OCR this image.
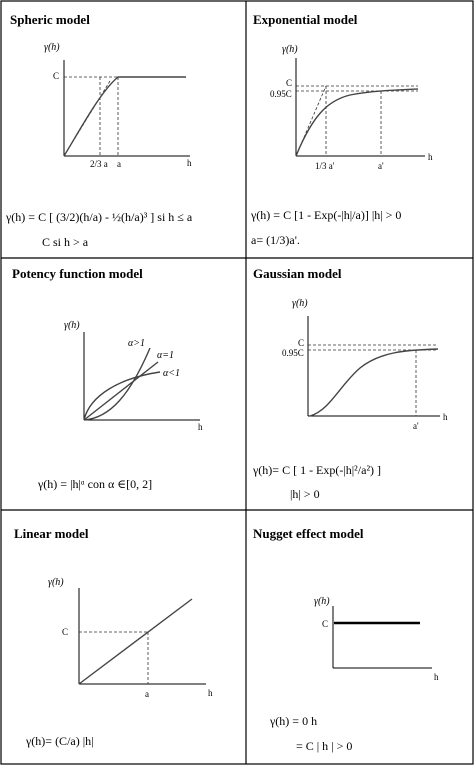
Spheric model
γ(h)
C
2/3 a a	h
γ(h) = C [ (3/2)(h/a) - ½(h/a)³ ] si h ≤ a
C si h > a
Exponential model
γ(h)
C
0.95C
1/3 a'	a'
h
γ(h) = C [1 - Exp(-|h|/a)] |h| > 0
a= (1/3)a'.
Potency function model
γ(h)
α>1
α=1
α<1
h
γ(h) = |h|ᵅ con α ∈[0, 2]
Gaussian model
γ(h)
C
0.95C
a'
h
γ(h)= C [ 1 - Exp(-|h|²/a²) ]
|h| > 0
Linear model
γ(h)
C
a	h
γ(h)= (C/a) |h|
Nugget effect model
γ(h)
C
h
γ(h) = 0 h
= C | h | > 0
